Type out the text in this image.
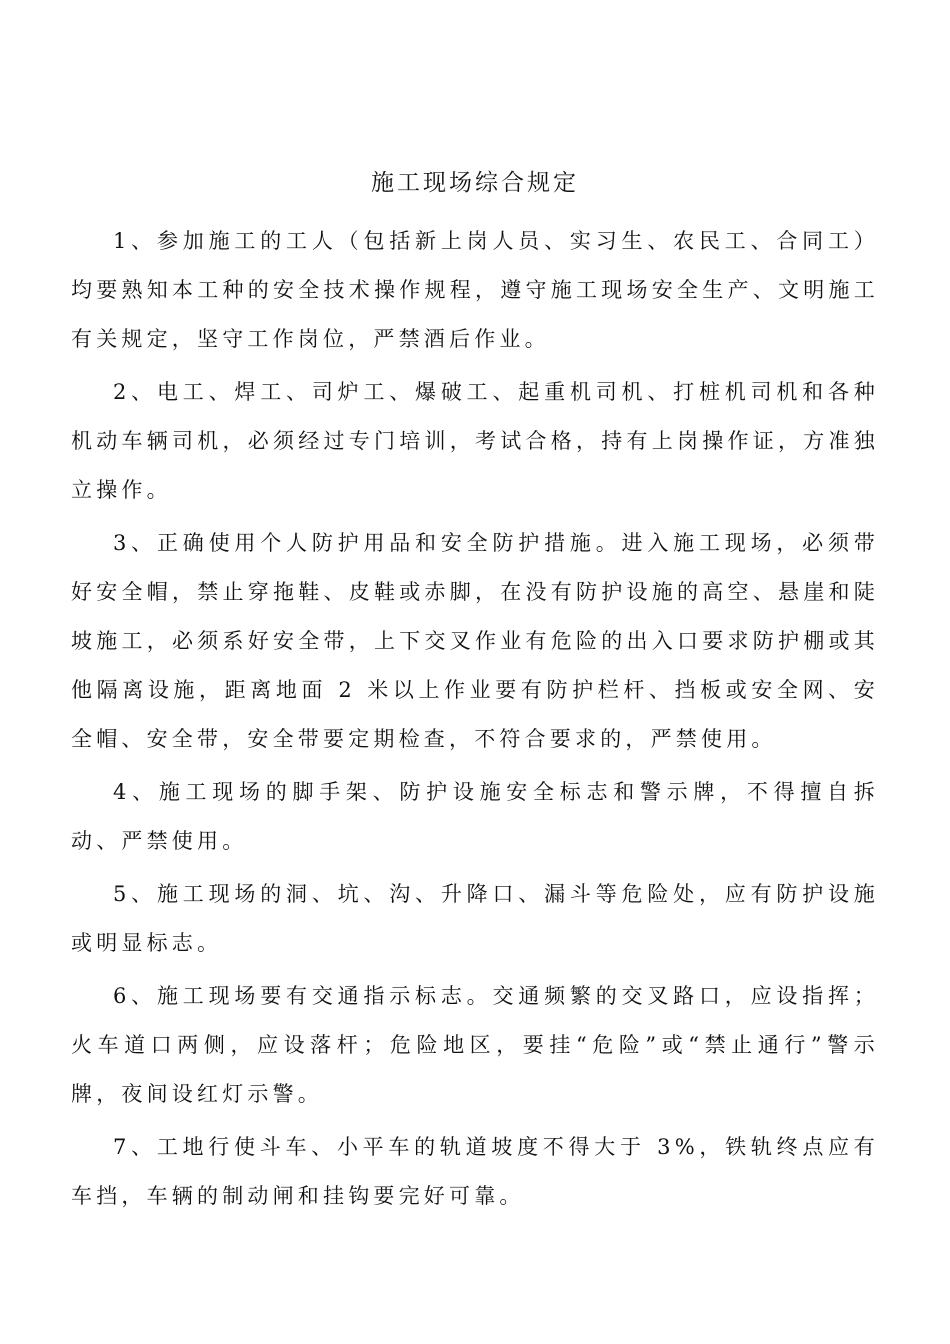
施工现场综合规定

1、参加施工的工人（包括新上岗人员、实习生、农民工、合同工）均要熟知本工种的安全技术操作规程，遵守施工现场安全生产、文明施工有关规定，坚守工作岗位，严禁酒后作业。

2、电工、焊工、司炉工、爆破工、起重机司机、打桩机司机和各种机动车辆司机，必须经过专门培训，考试合格，持有上岗操作证，方准独立操作。

3、正确使用个人防护用品和安全防护措施。进入施工现场，必须带好安全帽，禁止穿拖鞋、皮鞋或赤脚，在没有防护设施的高空、悬崖和陡坡施工，必须系好安全带，上下交叉作业有危险的出入口要求防护棚或其他隔离设施，距离地面 2 米以上作业要有防护栏杆、挡板或安全网、安全帽、安全带，安全带要定期检查，不符合要求的，严禁使用。

4、施工现场的脚手架、防护设施安全标志和警示牌，不得擅自拆动、严禁使用。

5、施工现场的洞、坑、沟、升降口、漏斗等危险处，应有防护设施或明显标志。

6、施工现场要有交通指示标志。交通频繁的交叉路口，应设指挥；火车道口两侧，应设落杆；危险地区，要挂“危险”或“禁止通行”警示牌，夜间设红灯示警。

7、工地行使斗车、小平车的轨道坡度不得大于 3%，铁轨终点应有车挡，车辆的制动闸和挂钩要完好可靠。
